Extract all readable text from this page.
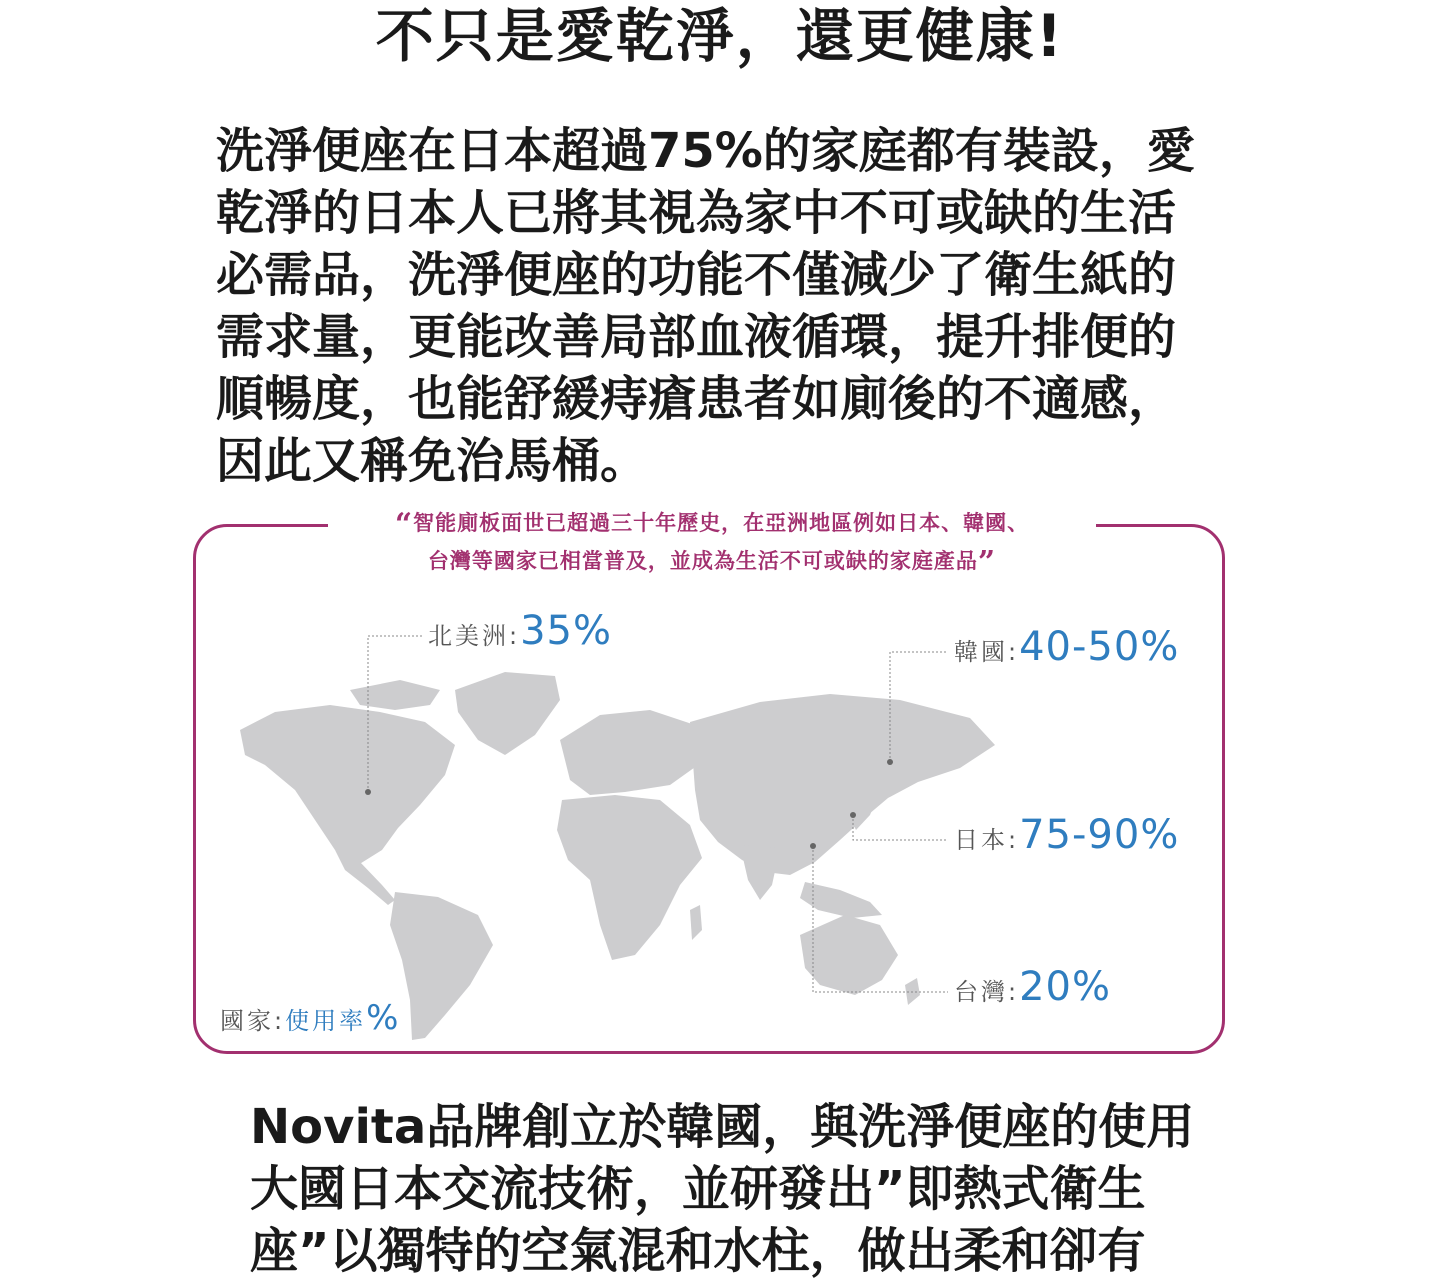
不只是愛乾淨，還更健康!
洗淨便座在日本超過75%的家庭都有裝設，愛
乾淨的日本人已將其視為家中不可或缺的生活
必需品，洗淨便座的功能不僅減少了衛生紙的
需求量，更能改善局部血液循環，提升排便的
順暢度，也能舒緩痔瘡患者如廁後的不適感，
因此又稱免治馬桶。
“智能廁板面世已超過三十年歷史，在亞洲地區例如日本、韓國、
台灣等國家已相當普及，並成為生活不可或缺的家庭產品”
北美洲:35%	韓國:40-50%
日本:75-90%
台灣:20%
國家:使用率%
Novita品牌創立於韓國，與洗淨便座的使用
大國日本交流技術，並研發出”即熱式衛生
座”以獨特的空氣混和水柱，做出柔和卻有
